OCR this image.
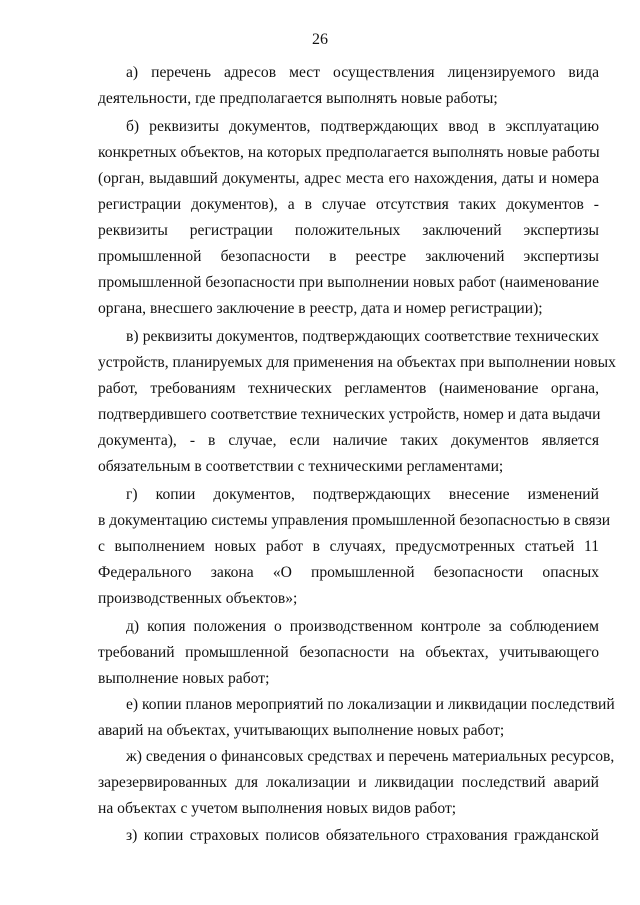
26
а) перечень адресов мест осуществления лицензируемого вида
деятельности, где предполагается выполнять новые работы;
б) реквизиты документов, подтверждающих ввод в эксплуатацию
конкретных объектов, на которых предполагается выполнять новые работы
(орган, выдавший документы, адрес места его нахождения, даты и номера
регистрации документов), а в случае отсутствия таких документов -
реквизиты регистрации положительных заключений экспертизы
промышленной безопасности в реестре заключений экспертизы
промышленной безопасности при выполнении новых работ (наименование
органа, внесшего заключение в реестр, дата и номер регистрации);
в) реквизиты документов, подтверждающих соответствие технических
устройств, планируемых для применения на объектах при выполнении новых
работ, требованиям технических регламентов (наименование органа,
подтвердившего соответствие технических устройств, номер и дата выдачи
документа), - в случае, если наличие таких документов является
обязательным в соответствии с техническими регламентами;
г) копии документов, подтверждающих внесение изменений
в документацию системы управления промышленной безопасностью в связи
с выполнением новых работ в случаях, предусмотренных статьей 11
Федерального закона «О промышленной безопасности опасных
производственных объектов»;
д) копия положения о производственном контроле за соблюдением
требований промышленной безопасности на объектах, учитывающего
выполнение новых работ;
е) копии планов мероприятий по локализации и ликвидации последствий
аварий на объектах, учитывающих выполнение новых работ;
ж) сведения о финансовых средствах и перечень материальных ресурсов,
зарезервированных для локализации и ликвидации последствий аварий
на объектах с учетом выполнения новых видов работ;
з) копии страховых полисов обязательного страхования гражданской
